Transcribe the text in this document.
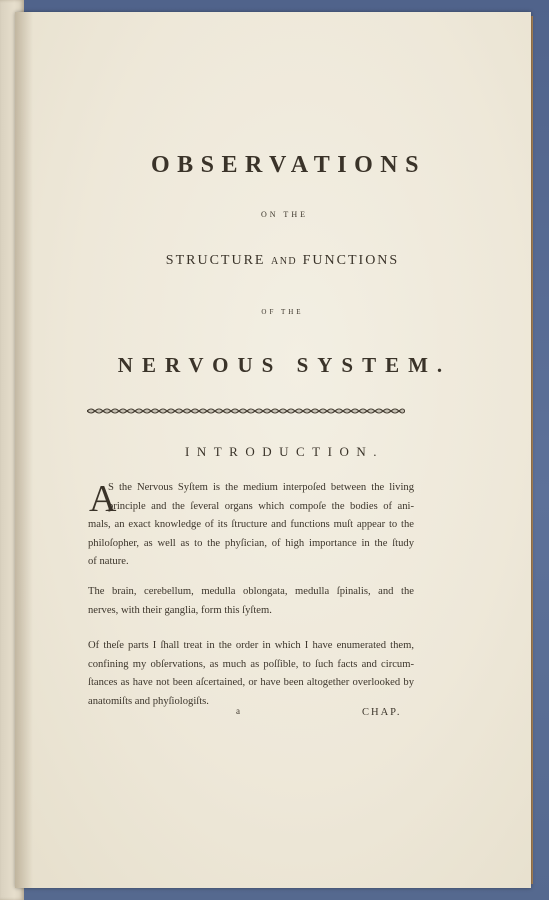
OBSERVATIONS

ON THE

STRUCTURE AND FUNCTIONS

OF THE

NERVOUS SYSTEM.

INTRODUCTION.

A
S the Nervous Syſtem is the medium interpoſed between the living
principle and the ſeveral organs which compoſe the bodies of ani-
mals, an exact knowledge of its ſtructure and functions muſt appear to the
philoſopher, as well as to the phyſician, of high importance in the ſtudy
of nature.
The brain, cerebellum, medulla oblongata, medulla ſpinalis, and the
nerves, with their ganglia, form this ſyſtem.
Of theſe parts I ſhall treat in the order in which I have enumerated them,
confining my obſervations, as much as poſſible, to ſuch facts and circum-
ſtances as have not been aſcertained, or have been altogether overlooked by
anatomiſts and phyſiologiſts.
a	CHAP.
